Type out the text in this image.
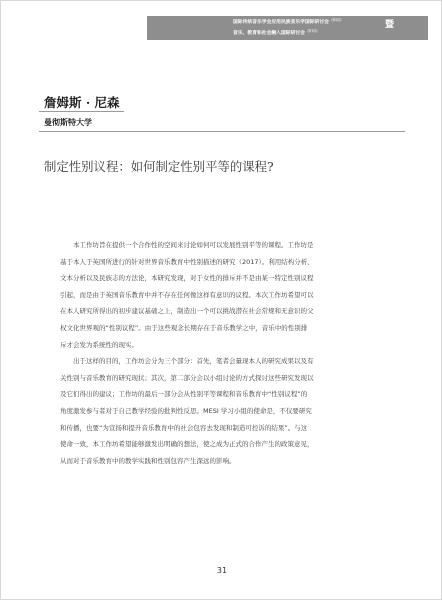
国际传统音乐学会应用民族音乐学国际研讨会$^{(第8届)}$
音乐、教育和社会融入国际研讨会$^{(第3届)}$
暨
詹姆斯 · 尼森
曼彻斯特大学
制定性别议程：如何制定性别平等的课程?

本工作坊旨在提供一个合作性的空间来讨论如何可以发展性别平等的课程。工作坊是
基于本人于英国所进行的针对世界音乐教育中性别描述的研究（2017）。利用结构分析、
文本分析以及民族志的方法论，本研究发现，对于女性的排斥并不是由某一特定性别议程
引起，而是由于英国音乐教育中并不存在任何像这样有意识的议程。本次工作坊希望可以
在本人研究所得出的初步建议基础之上，制造出一个可以挑战潜在社会常规和无意识的父
权文化世界观的“性别议程”。由于这些观念长期存在于音乐教学之中，音乐中的性别排
斥才会发为系统性的现实。

出于这样的目的，工作坊会分为三个部分：首先，笔者会量现本人的研究成果以及有
关性别与音乐教育的研究现状；其次，第二部分会以小组讨论的方式探讨这些研究发现以
及它们得出的建议；工作坊的最后一部分会从性别平等课程和音乐教育中“性别议程”的
角度激发参与者对于自己教学经验的批判性反思。MESI 学习小组的使命是，不仅要研究
和传播，也要“为宣扬和提升音乐教育中的社会包容去发现和制造可控诉的结果”。与这
使命一致，本工作坊希望能够激发出明确的想法，使之成为正式的合作产生的政策意见，
从而对于音乐教育中的教学实践和性别包容产生深远的影响。

31
